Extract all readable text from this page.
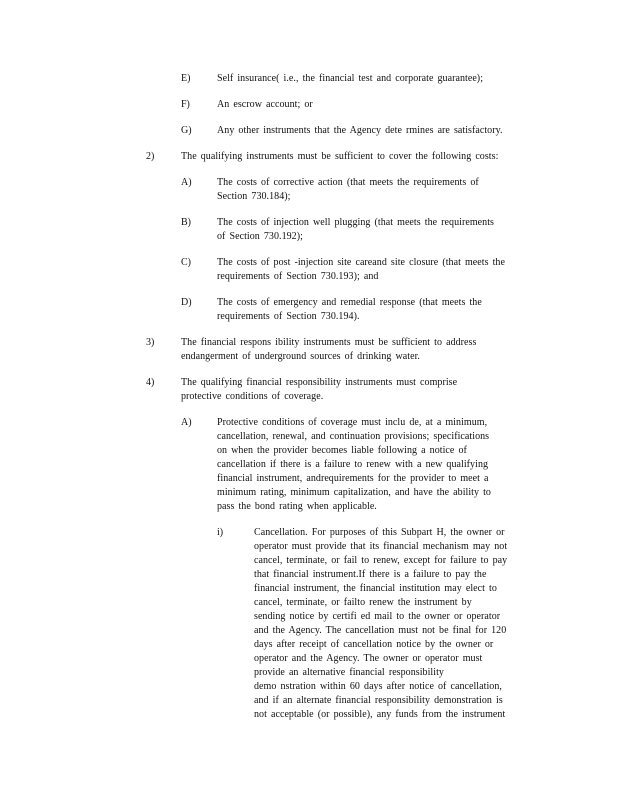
E)	Self insurance( i.e., the financial test and corporate guarantee);
F)	An escrow account; or
G)	Any other instruments that the Agency dete rmines are satisfactory.
2)	The qualifying instruments must be sufficient to cover the following costs:
A)	The costs of corrective action (that meets the requirements of
Section 730.184);
B)	The costs of injection well plugging (that meets the requirements
of Section 730.192);
C)	The costs of post -injection site careand site closure (that meets the
requirements of Section 730.193); and
D)	The costs of emergency and remedial response (that meets the
requirements of Section 730.194).
3)	The financial respons ibility instruments must be sufficient to address
endangerment of underground sources of drinking water.
4)	The qualifying financial responsibility instruments must comprise
protective conditions of coverage.
A)	Protective conditions of coverage must inclu de, at a minimum,
cancellation, renewal, and continuation provisions; specifications
on when the provider becomes liable following a notice of
cancellation if there is a failure to renew with a new qualifying
financial instrument, andrequirements for the provider to meet a
minimum rating, minimum capitalization, and have the ability to
pass the bond rating when applicable.
i)	Cancellation. For purposes of this Subpart H, the owner or
operator must provide that its financial mechanism may not
cancel, terminate, or fail to renew, except for failure to pay
that financial instrument.If there is a failure to pay the
financial instrument, the financial institution may elect to
cancel, terminate, or failto renew the instrument by
sending notice by certifi ed mail to the owner or operator
and the Agency. The cancellation must not be final for 120
days after receipt of cancellation notice by the owner or
operator and the Agency. The owner or operator must
provide an alternative financial responsibility
demo nstration within 60 days after notice of cancellation,
and if an alternate financial responsibility demonstration is
not acceptable (or possible), any funds from the instrument
